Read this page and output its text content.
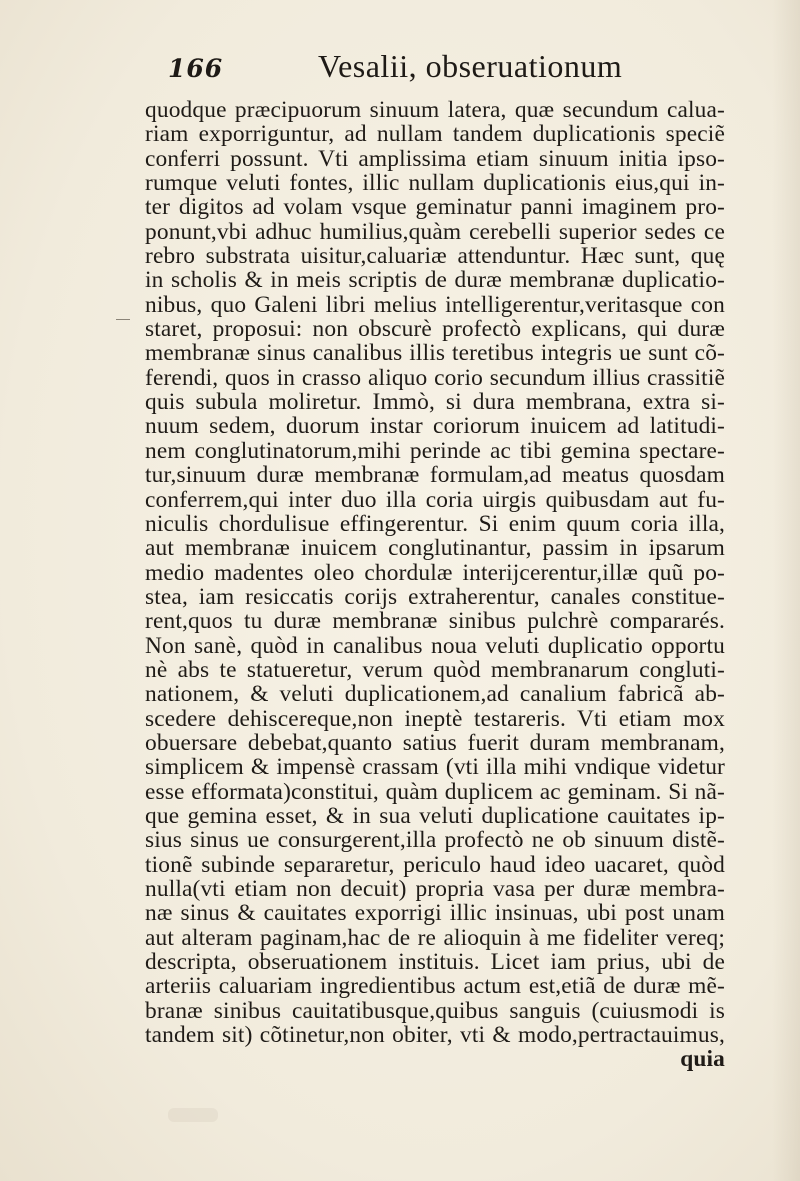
166	Vesalii, obseruationum
quodque præcipuorum sinuum latera, quæ secundum calua-
riam exporriguntur, ad nullam tandem duplicationis speciẽ
conferri possunt. Vti amplissima etiam sinuum initia ipso-
rumque veluti fontes, illic nullam duplicationis eius,qui in-
ter digitos ad volam vsque geminatur panni imaginem pro-
ponunt,vbi adhuc humilius,quàm cerebelli superior sedes ce
rebro substrata uisitur,caluariæ attenduntur. Hæc sunt, quę
in scholis & in meis scriptis de duræ membranæ duplicatio-
nibus, quo Galeni libri melius intelligerentur,veritasque con
staret, proposui: non obscurè profectò explicans, qui duræ
membranæ sinus canalibus illis teretibus integris ue sunt cõ-
ferendi, quos in crasso aliquo corio secundum illius crassitiẽ
quis subula moliretur. Immò, si dura membrana, extra si-
nuum sedem, duorum instar coriorum inuicem ad latitudi-
nem conglutinatorum,mihi perinde ac tibi gemina spectare-
tur,sinuum duræ membranæ formulam,ad meatus quosdam
conferrem,qui inter duo illa coria uirgis quibusdam aut fu-
niculis chordulisue effingerentur. Si enim quum coria illa,
aut membranæ inuicem conglutinantur, passim in ipsarum
medio madentes oleo chordulæ interijcerentur,illæ quũ po-
stea, iam resiccatis corijs extraherentur, canales constitue-
rent,quos tu duræ membranæ sinibus pulchrè compararés.
Non sanè, quòd in canalibus noua veluti duplicatio opportu
nè abs te statueretur, verum quòd membranarum congluti-
nationem, & veluti duplicationem,ad canalium fabricã ab-
scedere dehiscereque,non ineptè testareris. Vti etiam mox
obuersare debebat,quanto satius fuerit duram membranam,
simplicem & impensè crassam (vti illa mihi vndique videtur
esse efformata)constitui, quàm duplicem ac geminam. Si nã-
que gemina esset, & in sua veluti duplicatione cauitates ip-
sius sinus ue consurgerent,illa profectò ne ob sinuum distẽ-
tionẽ subinde separaretur, periculo haud ideo uacaret, quòd
nulla(vti etiam non decuit) propria vasa per duræ membra-
næ sinus & cauitates exporrigi illic insinuas, ubi post unam
aut alteram paginam,hac de re alioquin à me fideliter vereq;
descripta, obseruationem instituis. Licet iam prius, ubi de
arteriis caluariam ingredientibus actum est,etiã de duræ mẽ-
branæ sinibus cauitatibusque,quibus sanguis (cuiusmodi is
tandem sit) cõtinetur,non obiter, vti & modo,pertractauimus,
quia
